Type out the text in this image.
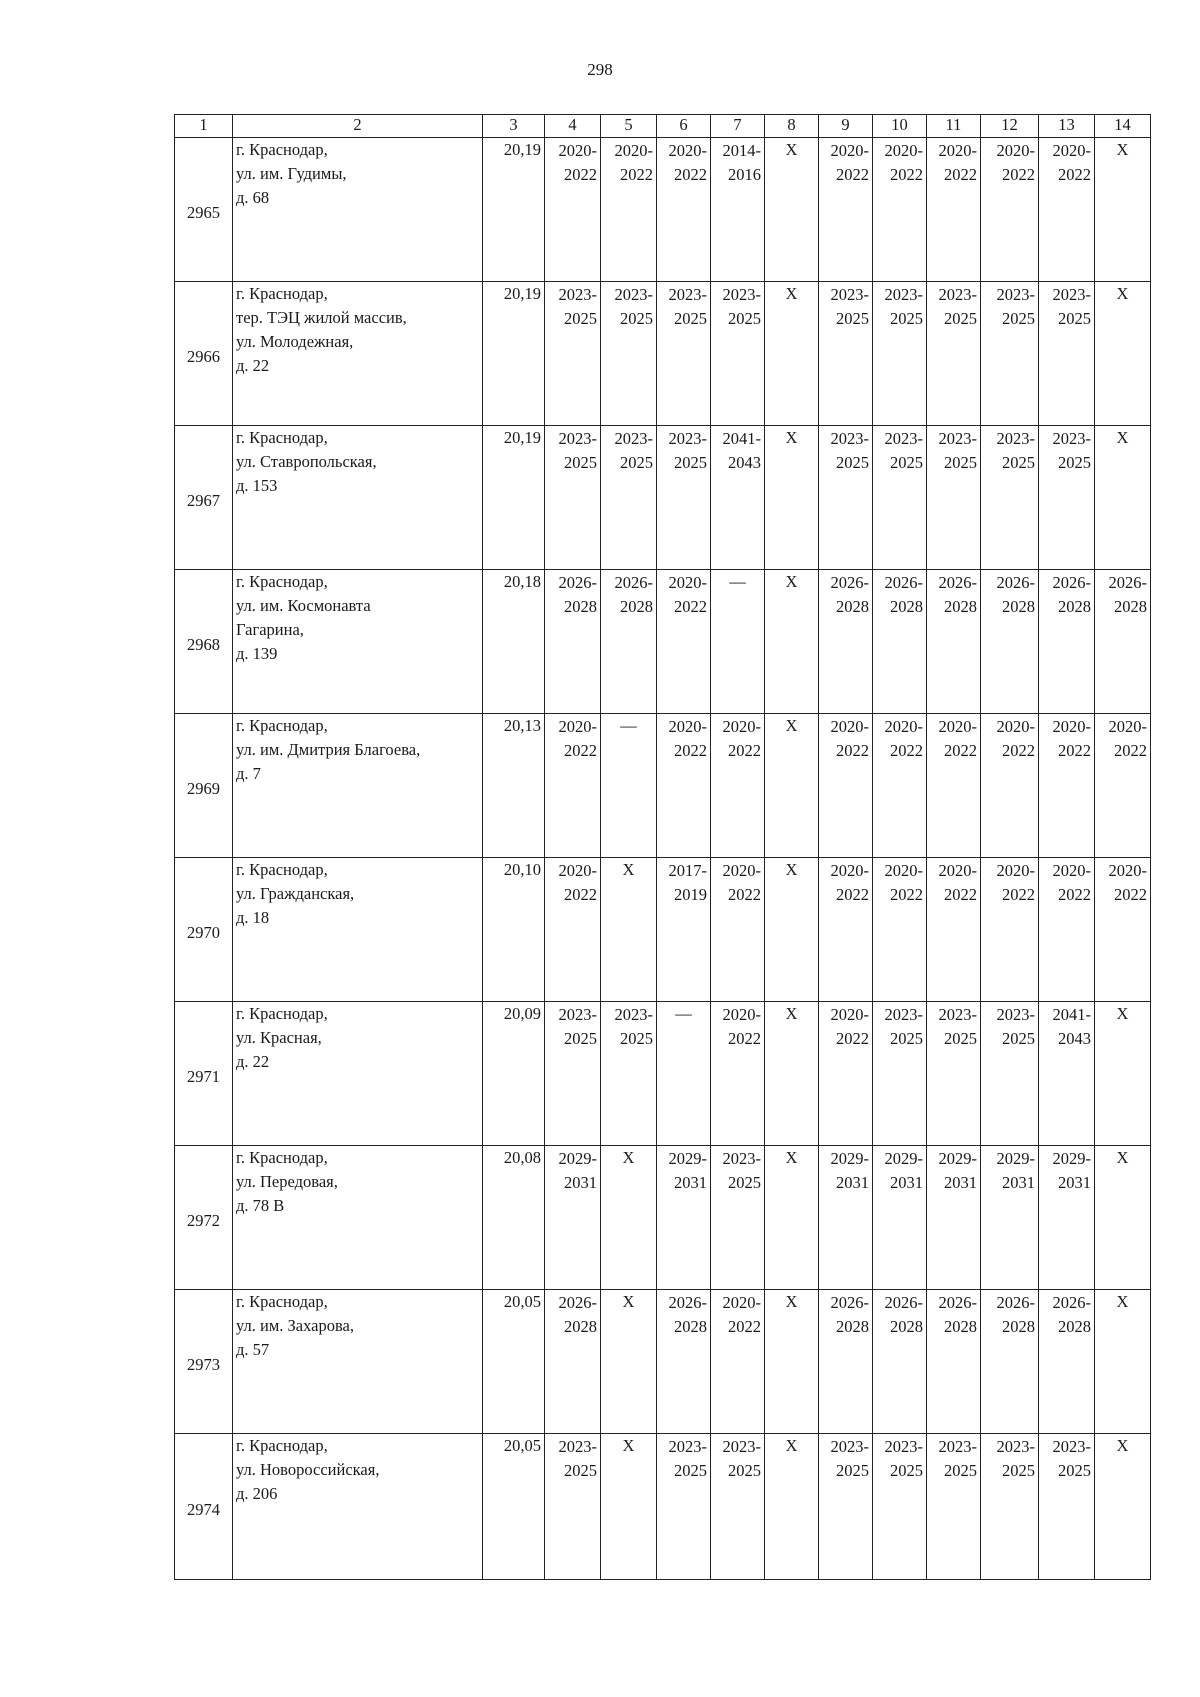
298
1	2	3	4	5	6	7	8	9	10	11	12	13	14
2965	г. Краснодар,
ул. им. Гудимы,
д. 68	20,19	2020-
2022	2020-
2022	2020-
2022	2014-
2016	X	2020-
2022	2020-
2022	2020-
2022	2020-
2022	2020-
2022	X
2966	г. Краснодар,
тер. ТЭЦ жилой массив,
ул. Молодежная,
д. 22	20,19	2023-
2025	2023-
2025	2023-
2025	2023-
2025	X	2023-
2025	2023-
2025	2023-
2025	2023-
2025	2023-
2025	X
2967	г. Краснодар,
ул. Ставропольская,
д. 153	20,19	2023-
2025	2023-
2025	2023-
2025	2041-
2043	X	2023-
2025	2023-
2025	2023-
2025	2023-
2025	2023-
2025	X
2968	г. Краснодар,
ул. им. Космонавта
Гагарина,
д. 139	20,18	2026-
2028	2026-
2028	2020-
2022	—	X	2026-
2028	2026-
2028	2026-
2028	2026-
2028	2026-
2028	2026-
2028

2969	г. Краснодар,
ул. им. Дмитрия Благоева,
д. 7	20,13	2020-
2022	—	2020-
2022	2020-
2022	X	2020-
2022	2020-
2022	2020-
2022	2020-
2022	2020-
2022	2020-
2022

2970	г. Краснодар,
ул. Гражданская,
д. 18	20,10	2020-
2022	X	2017-
2019	2020-
2022	X	2020-
2022	2020-
2022	2020-
2022	2020-
2022	2020-
2022	2020-
2022

2971	г. Краснодар,
ул. Красная,
д. 22	20,09	2023-
2025	2023-
2025	—	2020-
2022	X	2020-
2022	2023-
2025	2023-
2025	2023-
2025	2041-
2043	X
2972	г. Краснодар,
ул. Передовая,
д. 78 В	20,08	2029-
2031	X	2029-
2031	2023-
2025	X	2029-
2031	2029-
2031	2029-
2031	2029-
2031	2029-
2031	X
2973	г. Краснодар,
ул. им. Захарова,
д. 57	20,05	2026-
2028	X	2026-
2028	2020-
2022	X	2026-
2028	2026-
2028	2026-
2028	2026-
2028	2026-
2028	X
2974	г. Краснодар,
ул. Новороссийская,
д. 206	20,05	2023-
2025	X	2023-
2025	2023-
2025	X	2023-
2025	2023-
2025	2023-
2025	2023-
2025	2023-
2025	X
